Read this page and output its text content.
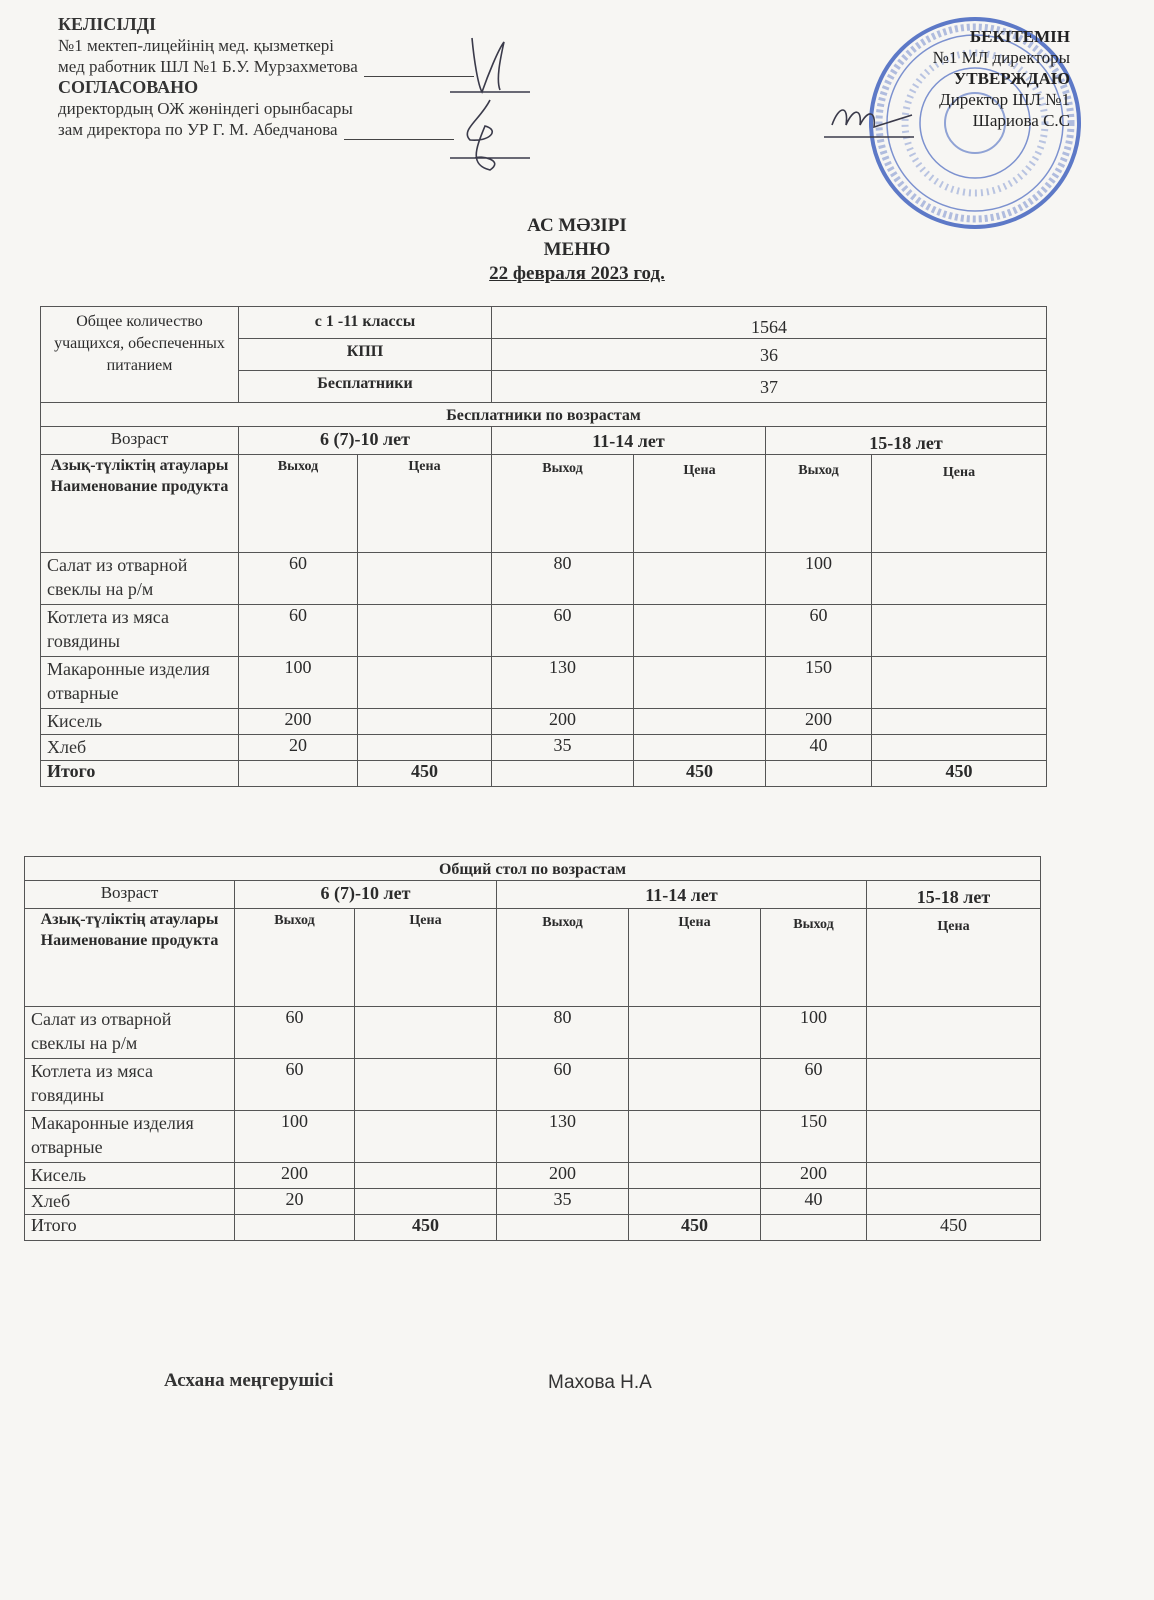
КЕЛІСІЛДІ
№1 мектеп-лицейінің мед. қызметкері
мед работник ШЛ №1 Б.У. Мурзахметова
СОГЛАСОВАНО
директордың ОЖ жөніндегі орынбасары
зам директора по УР Г. М. Абедчанова
БЕКІТЕМІН
№1 МЛ директоры
УТВЕРЖДАЮ
Директор ШЛ №1
Шариова С.С
АС МӘЗІРІ
МЕНЮ
22 февраля 2023 год.
Общее количество учащихся, обеспеченных питанием	с 1 -11 классы		1564			
	КПП		36			
	Бесплатники		37			
Бесплатники по возрастам						
Возраст	6 (7)-10 лет		11-14 лет		15-18 лет	
Азық-түліктің атаулары Наименование продукта	Выход	Цена	Выход	Цена	Выход	Цена
Салат из отварной свеклы на р/м	60		80		100	
Котлета из мяса говядины	60		60		60	
Макаронные изделия отварные	100		130		150	
Кисель	200		200		200	
Хлеб	20		35		40	
Итого		450		450		450
Общий стол по возрастам						
Возраст	6 (7)-10 лет		11-14 лет			15-18 лет
Азық-түліктің атаулары Наименование продукта	Выход	Цена	Выход	Цена	Выход	Цена
Салат из отварной свеклы на р/м	60		80		100	
Котлета из мяса говядины	60		60		60	
Макаронные изделия отварные	100		130		150	
Кисель	200		200		200	
Хлеб	20		35		40	
Итого		450		450		450
Асхана меңгерушісі	Махова Н.А
